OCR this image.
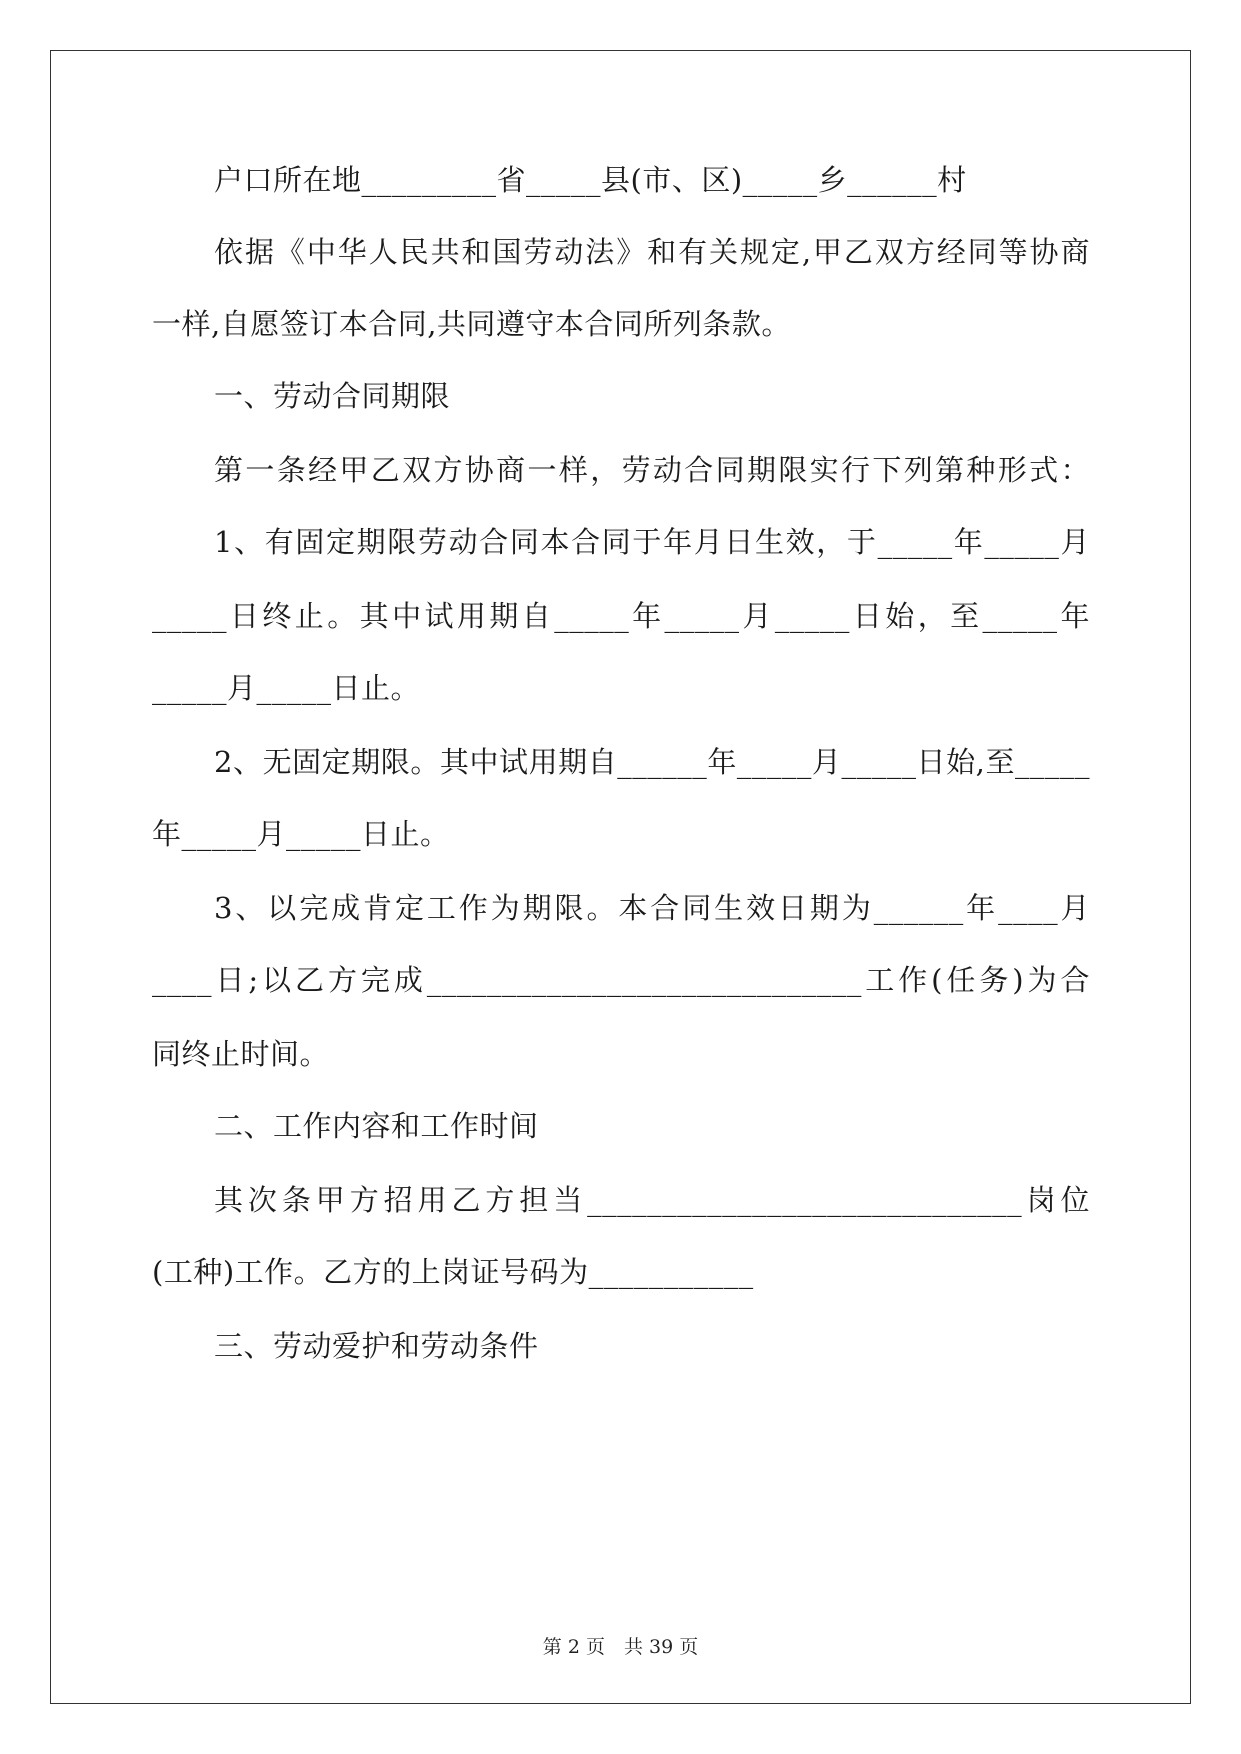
户口所在地_________省_____县(市、区)_____乡______村
依据《中华人民共和国劳动法》和有关规定,甲乙双方经同等协商
一样,自愿签订本合同,共同遵守本合同所列条款。
一、劳动合同期限
第一条经甲乙双方协商一样，劳动合同期限实行下列第种形式：
1、有固定期限劳动合同本合同于年月日生效，于_____年_____月
_____日终止。其中试用期自_____年_____月_____日始，至_____年
_____月_____日止。
2、无固定期限。其中试用期自______年_____月_____日始,至_____
年_____月_____日止。
3、以完成肯定工作为期限。本合同生效日期为______年____月
____日;以乙方完成_____________________________工作(任务)为合
同终止时间。
二、工作内容和工作时间
其次条甲方招用乙方担当_____________________________岗位
(工种)工作。乙方的上岗证号码为___________
三、劳动爱护和劳动条件
第 2 页　共 39 页
